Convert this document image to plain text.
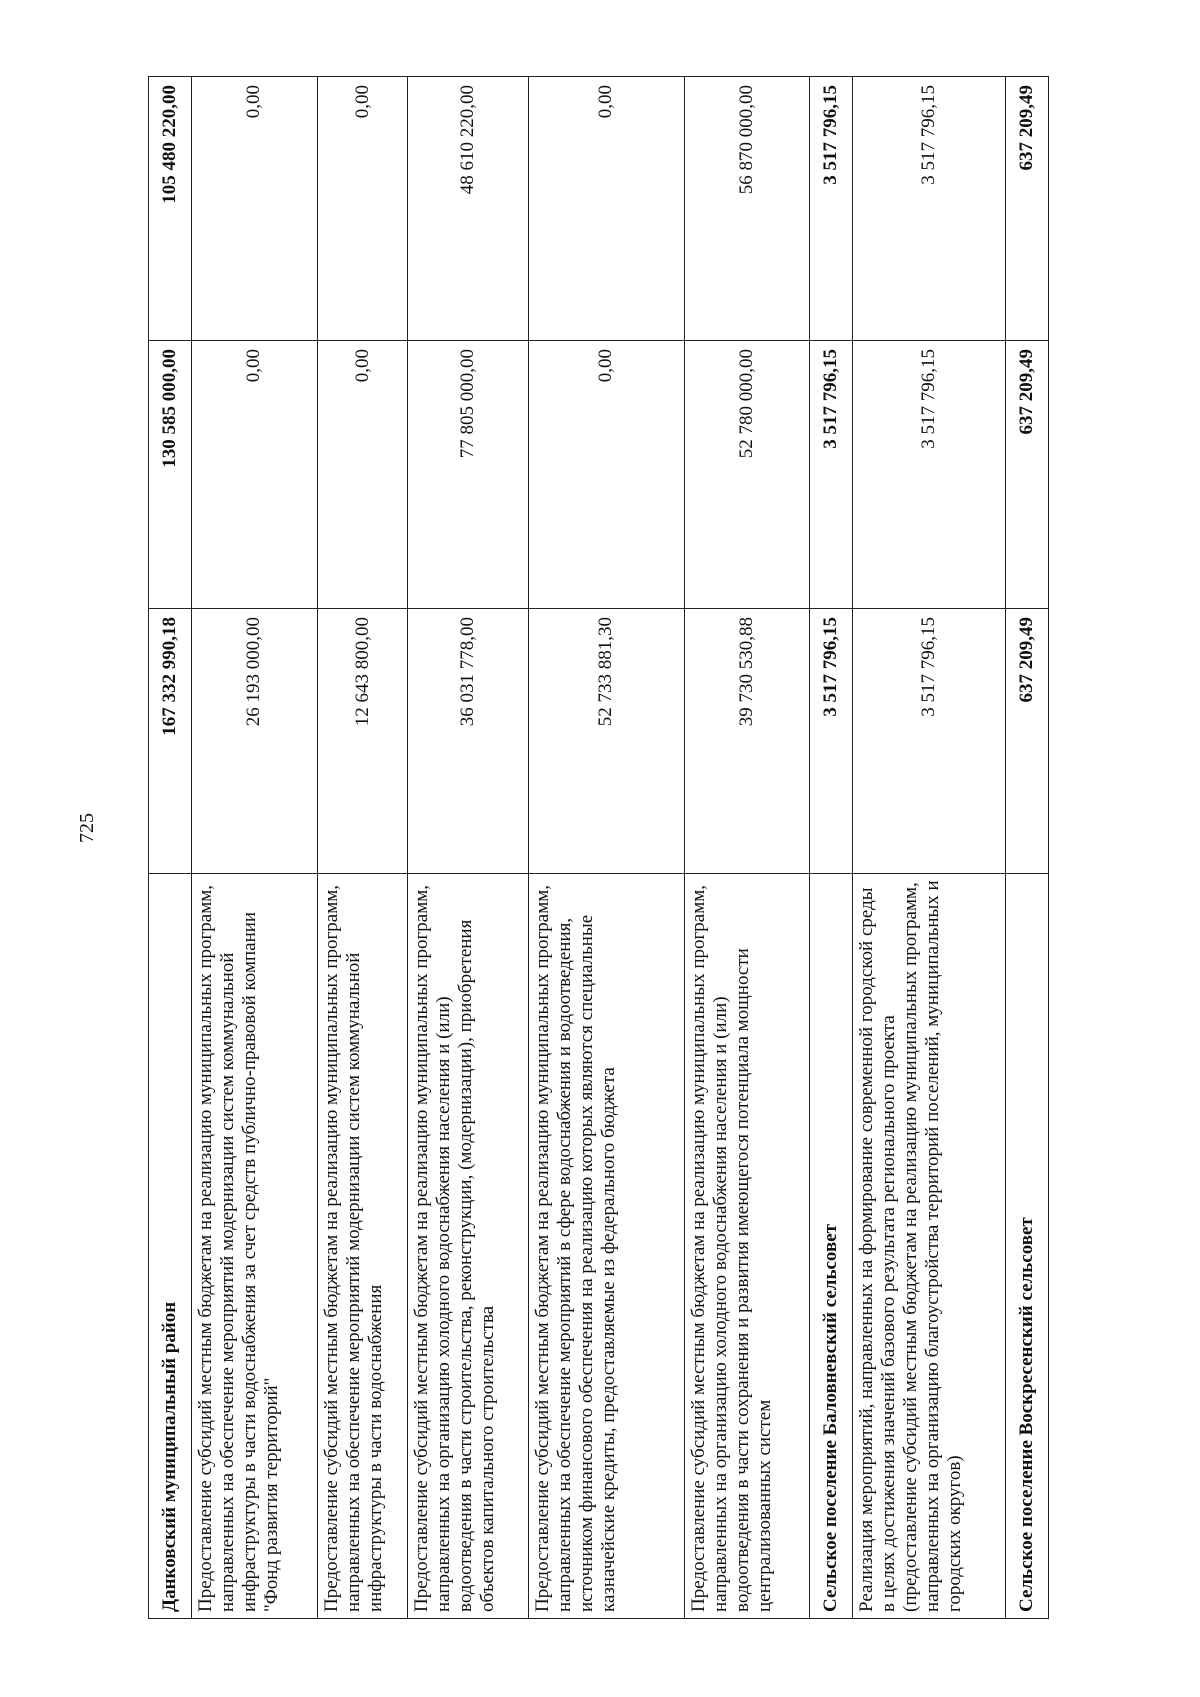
725
Данковский муниципальный район	167 332 990,18	130 585 000,00	105 480 220,00
Предоставление субсидий местным бюджетам на реализацию муниципальных программ, направленных на обеспечение мероприятий модернизации систем коммунальной инфраструктуры в части водоснабжения за счет средств публично-правовой компании "Фонд развития территорий"	26 193 000,00	0,00	0,00
Предоставление субсидий местным бюджетам на реализацию муниципальных программ, направленных на обеспечение мероприятий модернизации систем коммунальной инфраструктуры в части водоснабжения	12 643 800,00	0,00	0,00
Предоставление субсидий местным бюджетам на реализацию муниципальных программ, направленных на организацию холодного водоснабжения населения и (или) водоотведения в части строительства, реконструкции, (модернизации), приобретения объектов капитального строительства	36 031 778,00	77 805 000,00	48 610 220,00
Предоставление субсидий местным бюджетам на реализацию муниципальных программ, направленных на обеспечение мероприятий в сфере водоснабжения и водоотведения, источником финансового обеспечения на реализацию которых являются специальные казначейские кредиты, предоставляемые из федерального бюджета	52 733 881,30	0,00	0,00
Предоставление субсидий местным бюджетам на реализацию муниципальных программ, направленных на организацию холодного водоснабжения населения и (или) водоотведения в части сохранения и развития имеющегося потенциала мощности централизованных систем	39 730 530,88	52 780 000,00	56 870 000,00
Сельское поселение Баловневский сельсовет	3 517 796,15	3 517 796,15	3 517 796,15
Реализация мероприятий, направленных на формирование современной городской среды в целях достижения значений базового результата регионального проекта (предоставление субсидий местным бюджетам на реализацию муниципальных программ, направленных на организацию благоустройства территорий поселений, муниципальных и городских округов)	3 517 796,15	3 517 796,15	3 517 796,15
Сельское поселение Воскресенский сельсовет	637 209,49	637 209,49	637 209,49
